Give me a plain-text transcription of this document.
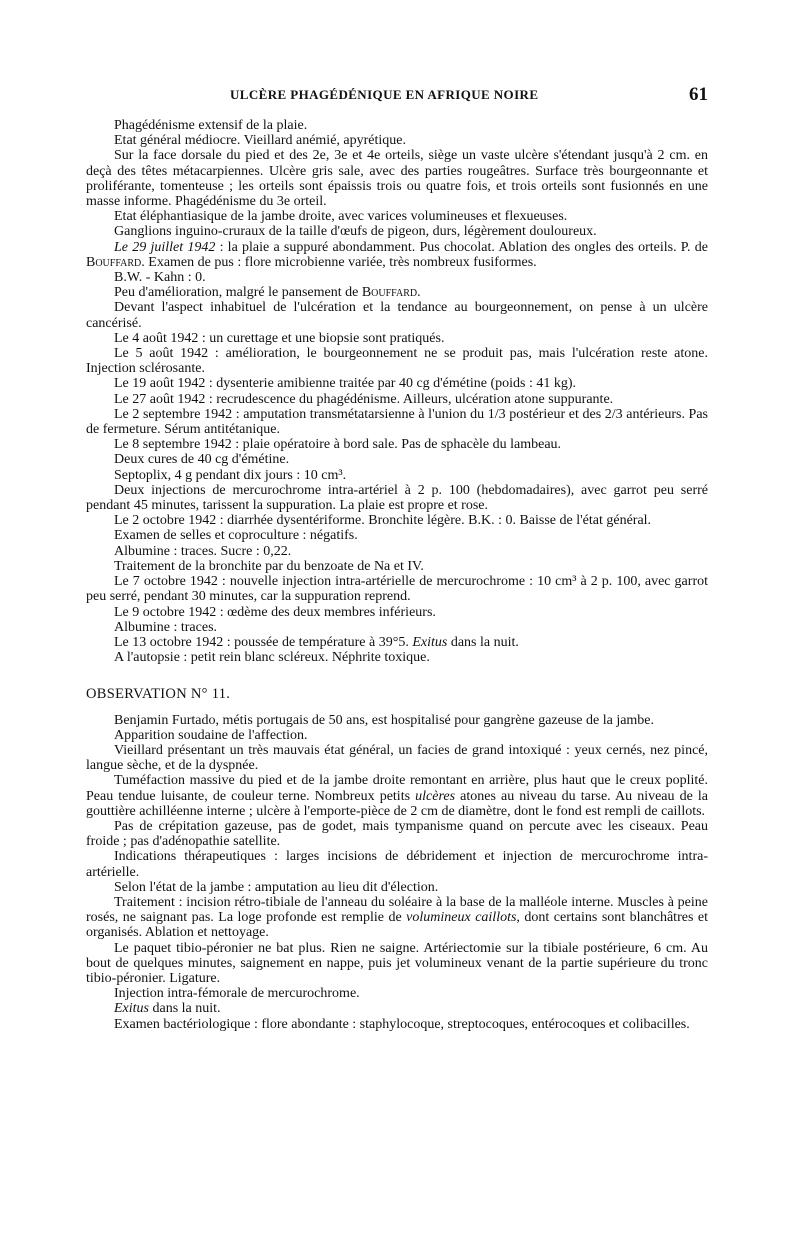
ULCÈRE PHAGÉDÉNIQUE EN AFRIQUE NOIRE	61

Phagédénisme extensif de la plaie.

Etat général médiocre. Vieillard anémié, apyrétique.

Sur la face dorsale du pied et des 2e, 3e et 4e orteils, siège un vaste ulcère s'étendant jusqu'à 2 cm. en deçà des têtes métacarpiennes. Ulcère gris sale, avec des parties rougeâtres. Surface très bourgeonnante et proliférante, tomenteuse ; les orteils sont épaissis trois ou quatre fois, et trois orteils sont fusionnés en une masse informe. Phagédénisme du 3e orteil.

Etat éléphantiasique de la jambe droite, avec varices volumineuses et flexueuses.

Ganglions inguino-cruraux de la taille d'œufs de pigeon, durs, légèrement douloureux.

Le 29 juillet 1942 : la plaie a suppuré abondamment. Pus chocolat. Ablation des ongles des orteils. P. de Bouffard. Examen de pus : flore microbienne variée, très nombreux fusiformes.

B.W. - Kahn : 0.

Peu d'amélioration, malgré le pansement de Bouffard.

Devant l'aspect inhabituel de l'ulcération et la tendance au bourgeonnement, on pense à un ulcère cancérisé.

Le 4 août 1942 : un curettage et une biopsie sont pratiqués.

Le 5 août 1942 : amélioration, le bourgeonnement ne se produit pas, mais l'ulcération reste atone. Injection sclérosante.

Le 19 août 1942 : dysenterie amibienne traitée par 40 cg d'émétine (poids : 41 kg).

Le 27 août 1942 : recrudescence du phagédénisme. Ailleurs, ulcération atone suppurante.

Le 2 septembre 1942 : amputation transmétatarsienne à l'union du 1/3 postérieur et des 2/3 antérieurs. Pas de fermeture. Sérum antitétanique.

Le 8 septembre 1942 : plaie opératoire à bord sale. Pas de sphacèle du lambeau.

Deux cures de 40 cg d'émétine.

Septoplix, 4 g pendant dix jours : 10 cm³.

Deux injections de mercurochrome intra-artériel à 2 p. 100 (hebdomadaires), avec garrot peu serré pendant 45 minutes, tarissent la suppuration. La plaie est propre et rose.

Le 2 octobre 1942 : diarrhée dysentériforme. Bronchite légère. B.K. : 0. Baisse de l'état général.

Examen de selles et coproculture : négatifs.

Albumine : traces. Sucre : 0,22.

Traitement de la bronchite par du benzoate de Na et IV.

Le 7 octobre 1942 : nouvelle injection intra-artérielle de mercurochrome : 10 cm³ à 2 p. 100, avec garrot peu serré, pendant 30 minutes, car la suppuration reprend.

Le 9 octobre 1942 : œdème des deux membres inférieurs.

Albumine : traces.

Le 13 octobre 1942 : poussée de température à 39°5. Exitus dans la nuit.

A l'autopsie : petit rein blanc scléreux. Néphrite toxique.

OBSERVATION N° 11.

Benjamin Furtado, métis portugais de 50 ans, est hospitalisé pour gangrène gazeuse de la jambe.

Apparition soudaine de l'affection.

Vieillard présentant un très mauvais état général, un facies de grand intoxiqué : yeux cernés, nez pincé, langue sèche, et de la dyspnée.

Tuméfaction massive du pied et de la jambe droite remontant en arrière, plus haut que le creux poplité. Peau tendue luisante, de couleur terne. Nombreux petits ulcères atones au niveau du tarse. Au niveau de la gouttière achilléenne interne ; ulcère à l'emporte-pièce de 2 cm de diamètre, dont le fond est rempli de caillots.

Pas de crépitation gazeuse, pas de godet, mais tympanisme quand on percute avec les ciseaux. Peau froide ; pas d'adénopathie satellite.

Indications thérapeutiques : larges incisions de débridement et injection de mercurochrome intra-artérielle.

Selon l'état de la jambe : amputation au lieu dit d'élection.

Traitement : incision rétro-tibiale de l'anneau du soléaire à la base de la malléole interne. Muscles à peine rosés, ne saignant pas. La loge profonde est remplie de volumineux caillots, dont certains sont blanchâtres et organisés. Ablation et nettoyage.

Le paquet tibio-péronier ne bat plus. Rien ne saigne. Artériectomie sur la tibiale postérieure, 6 cm. Au bout de quelques minutes, saignement en nappe, puis jet volumineux venant de la partie supérieure du tronc tibio-péronier. Ligature.

Injection intra-fémorale de mercurochrome.

Exitus dans la nuit.

Examen bactériologique : flore abondante : staphylocoque, streptocoques, entérocoques et colibacilles.
